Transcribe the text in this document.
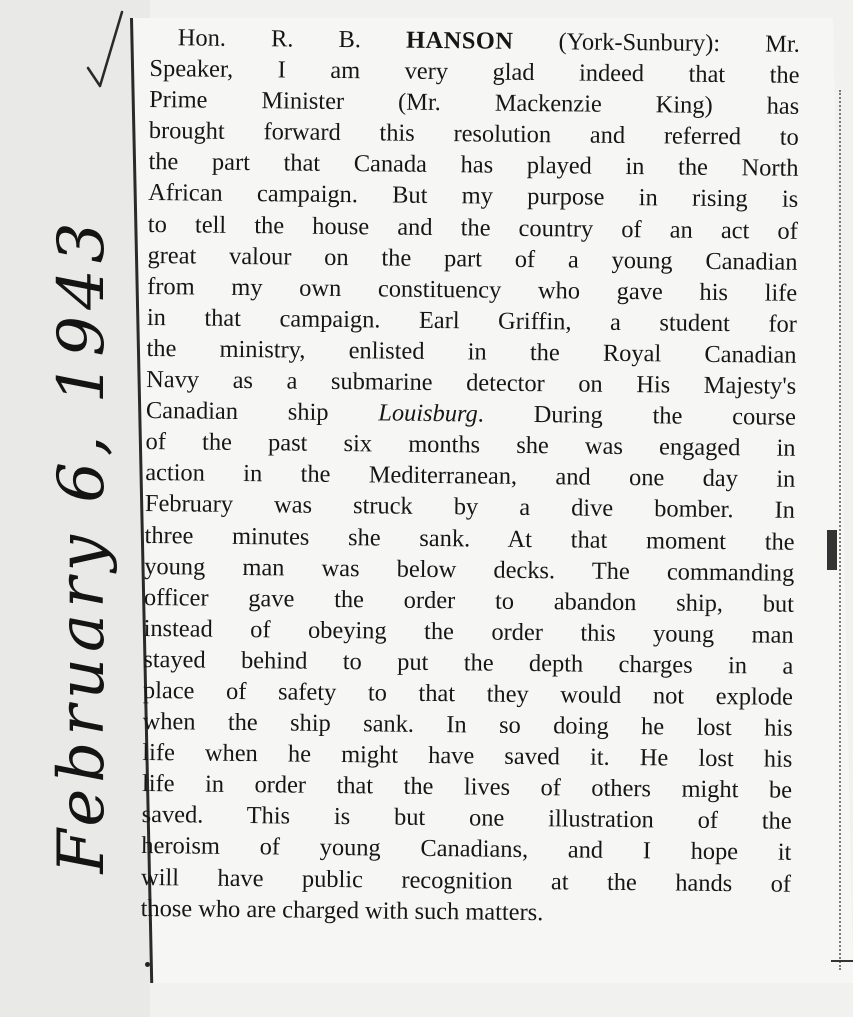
February 6, 1943
Hon. R. B. HANSON (York-Sunbury): Mr.
Speaker, I am very glad indeed that the
Prime Minister (Mr. Mackenzie King) has
brought forward this resolution and referred to
the part that Canada has played in the North
African campaign. But my purpose in rising is
to tell the house and the country of an act of
great valour on the part of a young Canadian
from my own constituency who gave his life
in that campaign. Earl Griffin, a student for
the ministry, enlisted in the Royal Canadian
Navy as a submarine detector on His Majesty's
Canadian ship Louisburg. During the course
of the past six months she was engaged in
action in the Mediterranean, and one day in
February was struck by a dive bomber. In
three minutes she sank. At that moment the
young man was below decks. The commanding
officer gave the order to abandon ship, but
instead of obeying the order this young man
stayed behind to put the depth charges in a
place of safety to that they would not explode
when the ship sank. In so doing he lost his
life when he might have saved it. He lost his
life in order that the lives of others might be
saved. This is but one illustration of the
heroism of young Canadians, and I hope it
will have public recognition at the hands of
those who are charged with such matters.
